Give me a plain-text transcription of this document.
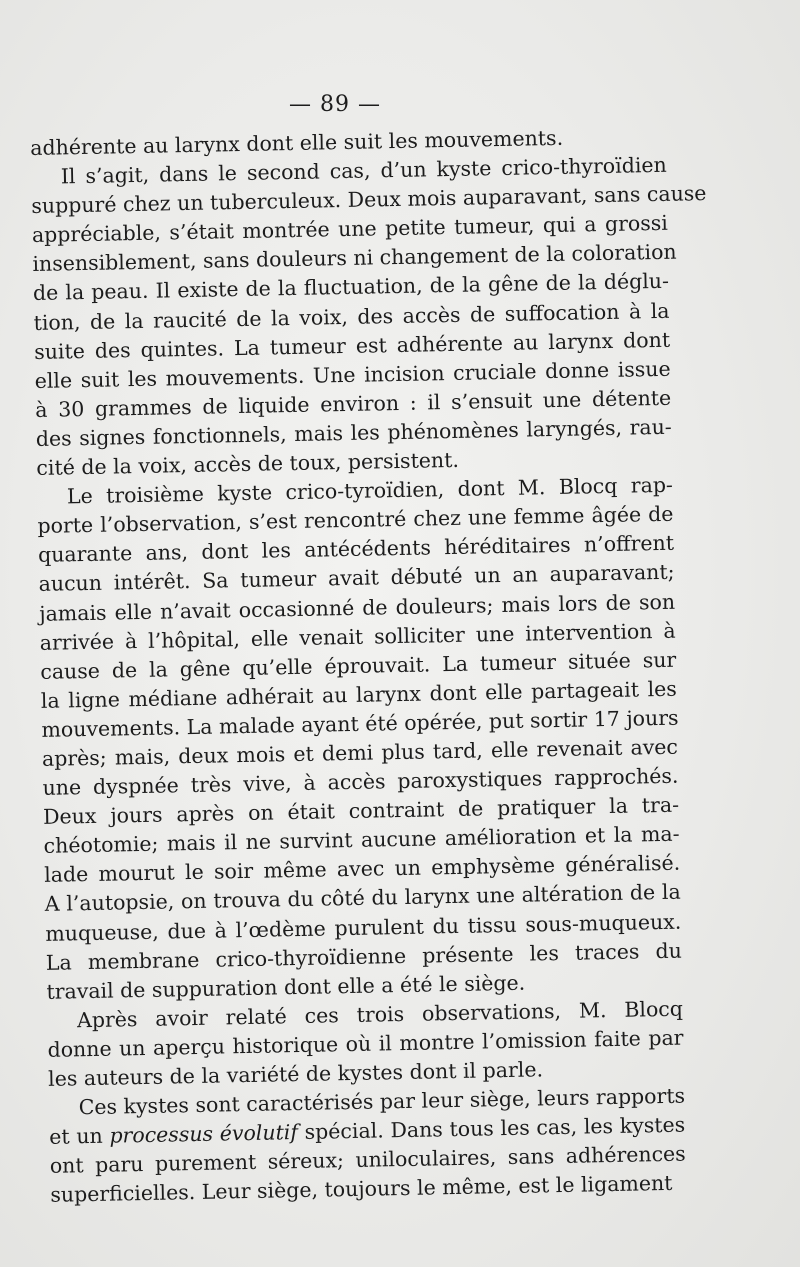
— 89 —
adhérente au larynx dont elle suit les mouvements.
Il s’agit, dans le second cas, d’un kyste crico-thyroïdien
suppuré chez un tuberculeux. Deux mois auparavant, sans cause
appréciable, s’était montrée une petite tumeur, qui a grossi
insensiblement, sans douleurs ni changement de la coloration
de la peau. Il existe de la fluctuation, de la gêne de la déglu-
tion, de la raucité de la voix, des accès de suffocation à la
suite des quintes. La tumeur est adhérente au larynx dont
elle suit les mouvements. Une incision cruciale donne issue
à 30 grammes de liquide environ : il s’ensuit une détente
des signes fonctionnels, mais les phénomènes laryngés, rau-
cité de la voix, accès de toux, persistent.
Le troisième kyste crico-tyroïdien, dont M. Blocq rap-
porte l’observation, s’est rencontré chez une femme âgée de
quarante ans, dont les antécédents héréditaires n’offrent
aucun intérêt. Sa tumeur avait débuté un an auparavant;
jamais elle n’avait occasionné de douleurs; mais lors de son
arrivée à l’hôpital, elle venait solliciter une intervention à
cause de la gêne qu’elle éprouvait. La tumeur située sur
la ligne médiane adhérait au larynx dont elle partageait les
mouvements. La malade ayant été opérée, put sortir 17 jours
après; mais, deux mois et demi plus tard, elle revenait avec
une dyspnée très vive, à accès paroxystiques rapprochés.
Deux jours après on était contraint de pratiquer la tra-
chéotomie; mais il ne survint aucune amélioration et la ma-
lade mourut le soir même avec un emphysème généralisé.
A l’autopsie, on trouva du côté du larynx une altération de la
muqueuse, due à l’œdème purulent du tissu sous-muqueux.
La membrane crico-thyroïdienne présente les traces du
travail de suppuration dont elle a été le siège.
Après avoir relaté ces trois observations, M. Blocq
donne un aperçu historique où il montre l’omission faite par
les auteurs de la variété de kystes dont il parle.
Ces kystes sont caractérisés par leur siège, leurs rapports
et un processus évolutif spécial. Dans tous les cas, les kystes
ont paru purement séreux; uniloculaires, sans adhérences
superficielles. Leur siège, toujours le même, est le ligament
